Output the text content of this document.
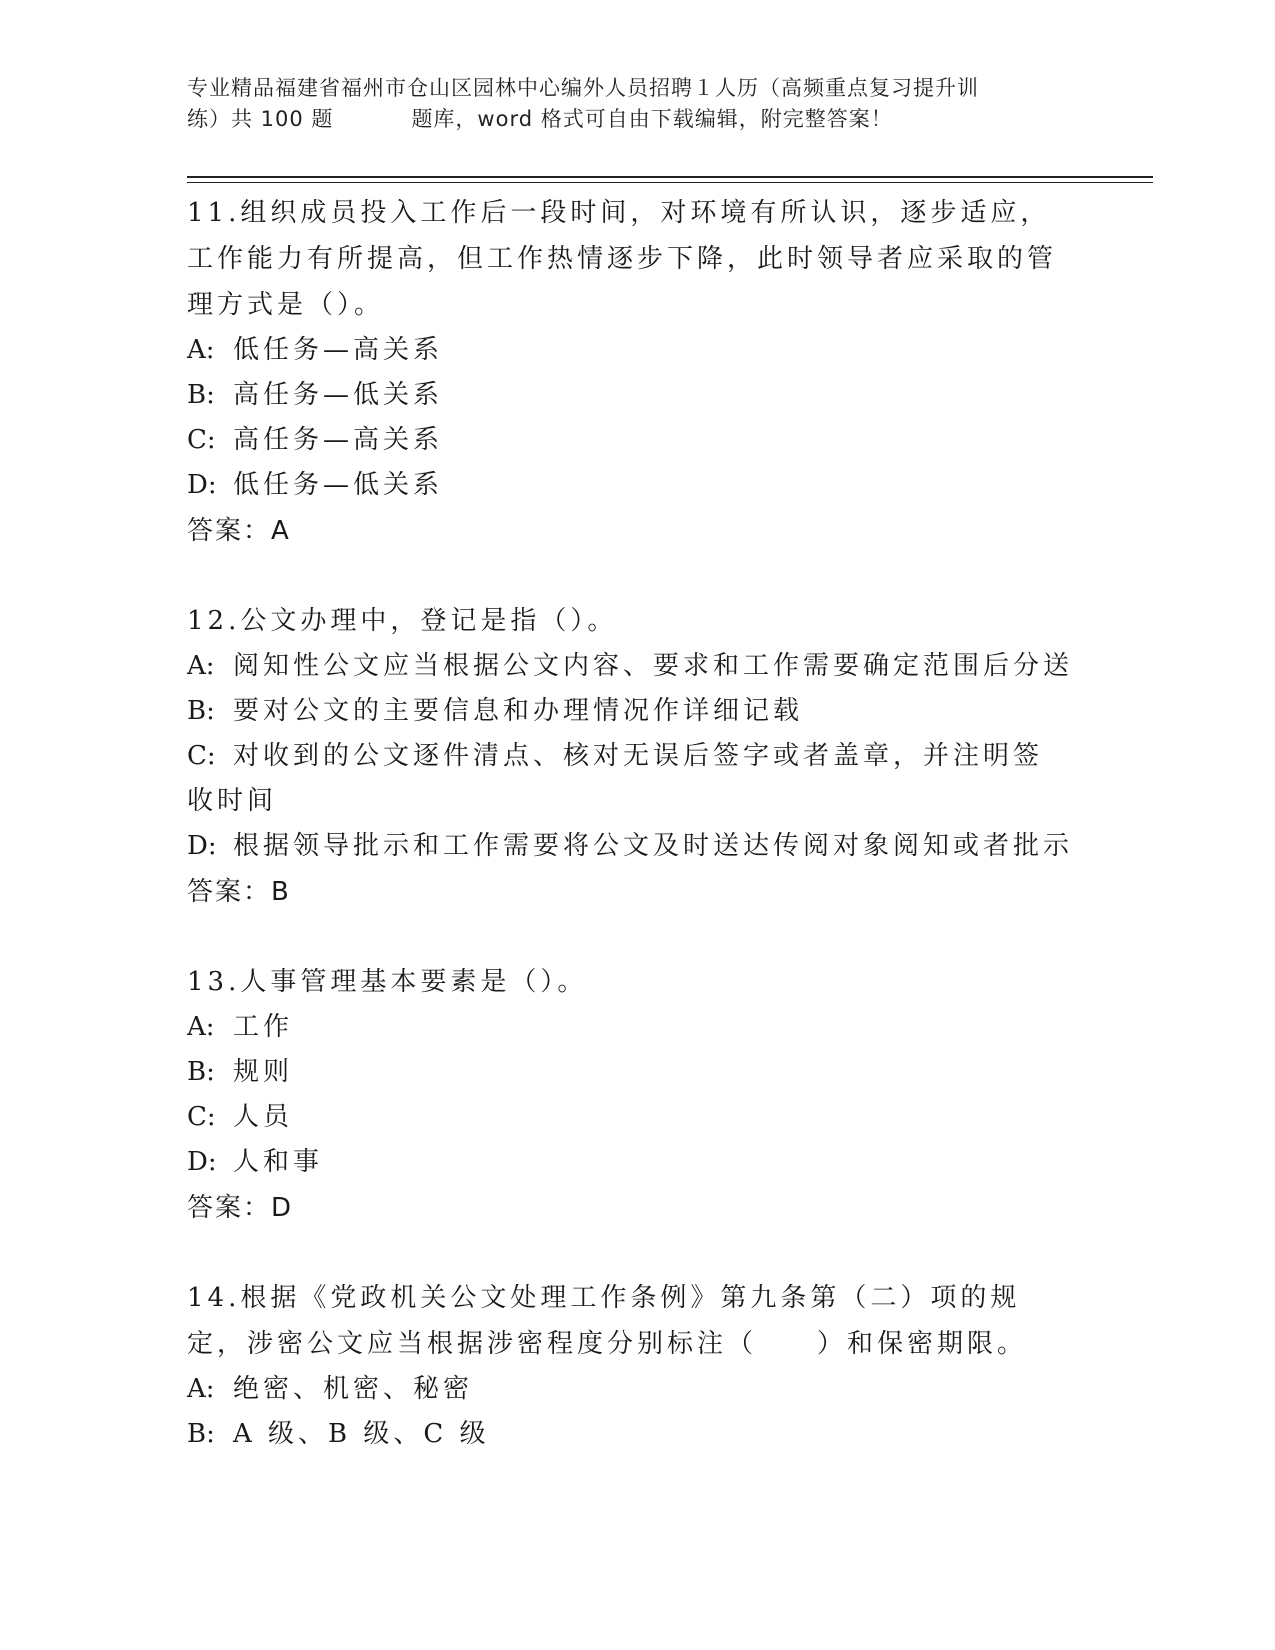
专业精品福建省福州市仓山区园林中心编外人员招聘１人历（高频重点复习提升训
练）共 100 题	题库，word 格式可自由下载编辑，附完整答案！

11.组织成员投入工作后一段时间，对环境有所认识，逐步适应，工作能力有所提高，但工作热情逐步下降，此时领导者应采取的管理方式是（）。

A: 低任务—高关系

B: 高任务—低关系

C: 高任务—高关系

D: 低任务—低关系

答案：A

12.公文办理中，登记是指（）。

A: 阅知性公文应当根据公文内容、要求和工作需要确定范围后分送

B: 要对公文的主要信息和办理情况作详细记载

C: 对收到的公文逐件清点、核对无误后签字或者盖章，并注明签收时间

D: 根据领导批示和工作需要将公文及时送达传阅对象阅知或者批示

答案：B

13.人事管理基本要素是（）。

A: 工作

B: 规则

C: 人员

D: 人和事

答案：D

14.根据《党政机关公文处理工作条例》第九条第（二）项的规定，涉密公文应当根据涉密程度分别标注（　　）和保密期限。

A: 绝密、机密、秘密

B: A 级、B 级、C 级
